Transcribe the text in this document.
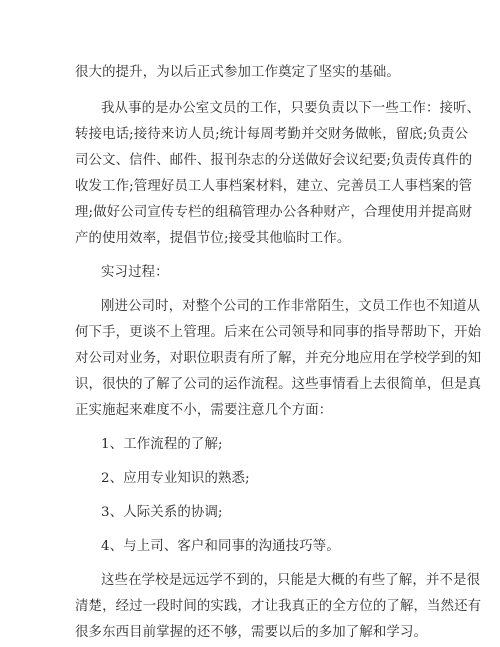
很大的提升，为以后正式参加工作奠定了坚实的基础。
我从事的是办公室文员的工作，只要负责以下一些工作：接听、
转接电话;接待来访人员;统计每周考勤并交财务做帐，留底;负责公
司公文、信件、邮件、报刊杂志的分送做好会议纪要;负责传真件的
收发工作;管理好员工人事档案材料，建立、完善员工人事档案的管
理;做好公司宣传专栏的组稿管理办公各种财产，合理使用并提高财
产的使用效率，提倡节位;接受其他临时工作。
实习过程：
刚进公司时，对整个公司的工作非常陌生，文员工作也不知道从
何下手，更谈不上管理。后来在公司领导和同事的指导帮助下，开始
对公司对业务，对职位职责有所了解，并充分地应用在学校学到的知
识，很快的了解了公司的运作流程。这些事情看上去很简单，但是真
正实施起来难度不小，需要注意几个方面：
1、工作流程的了解;
2、应用专业知识的熟悉;
3、人际关系的协调;
4、与上司、客户和同事的沟通技巧等。
这些在学校是远远学不到的，只能是大概的有些了解，并不是很
清楚，经过一段时间的实践，才让我真正的全方位的了解，当然还有
很多东西目前掌握的还不够，需要以后的多加了解和学习。
